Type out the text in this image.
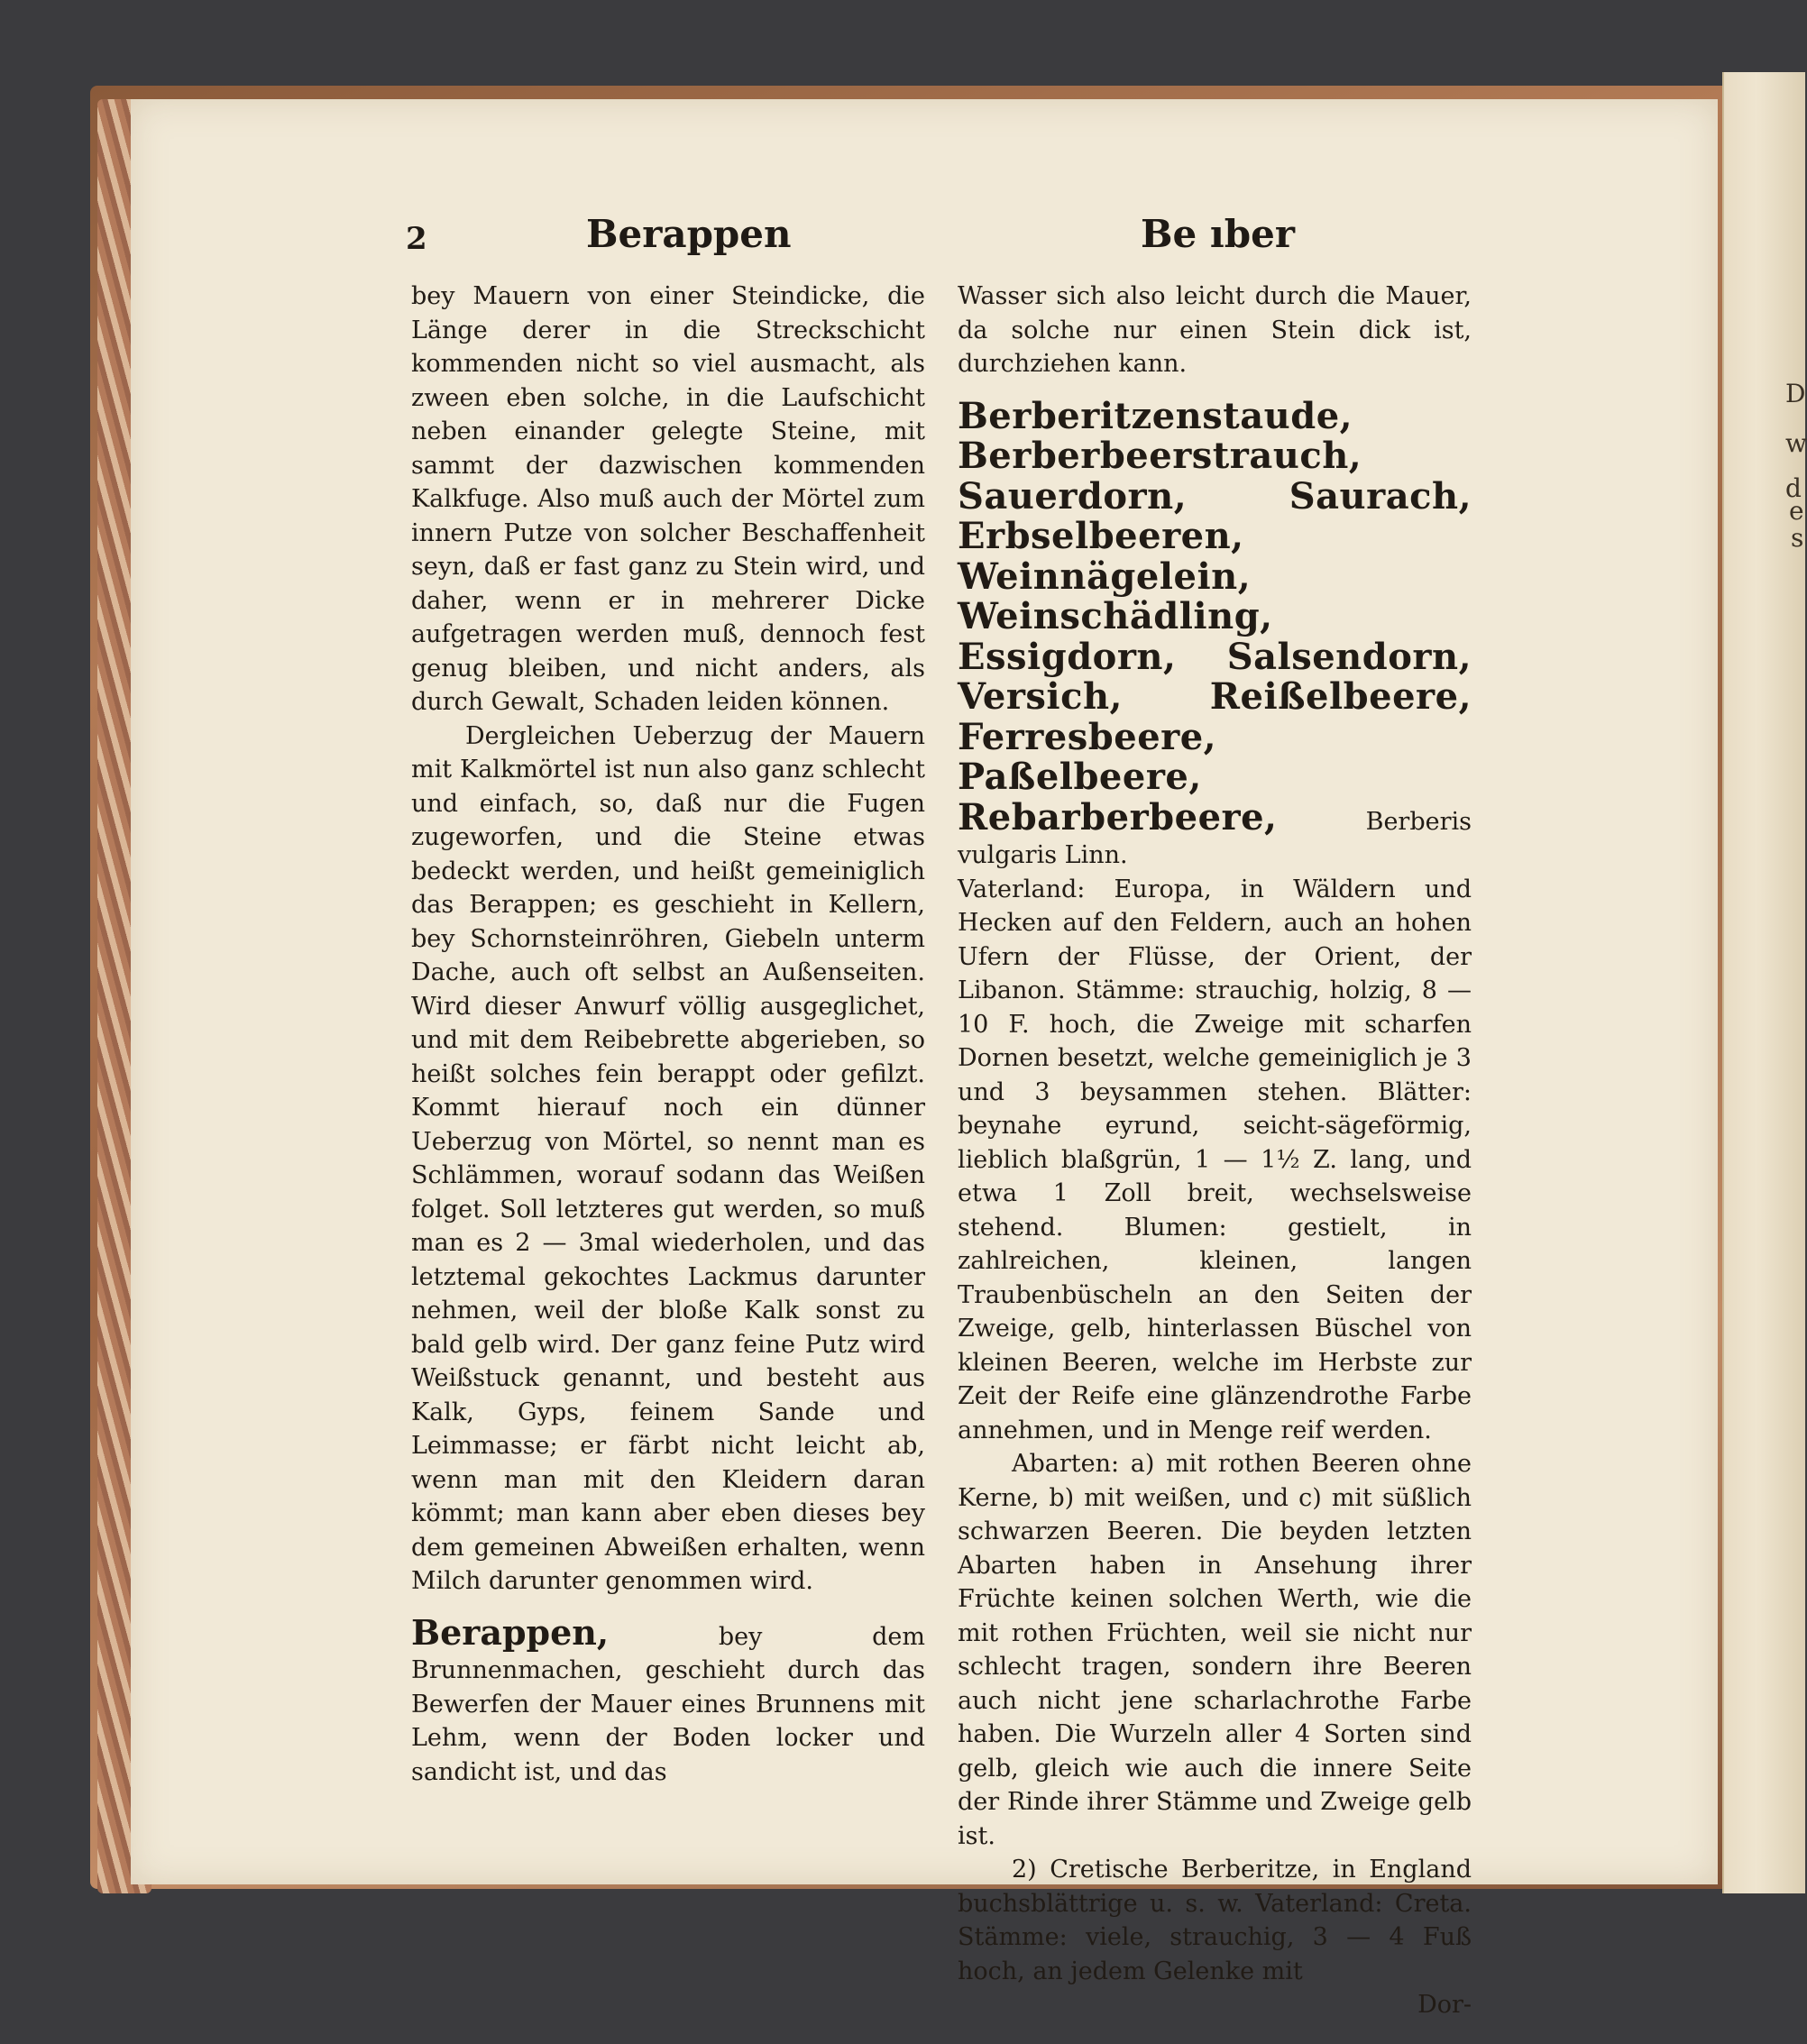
D
w
d
e
s
2	Berappen	Be ıber

bey Mauern von einer Steindicke, die Länge derer in die Streckschicht kommenden nicht so viel ausmacht, als zween eben solche, in die Laufschicht neben einander gelegte Steine, mit sammt der dazwischen kommenden Kalkfuge. Also muß auch der Mörtel zum innern Putze von solcher Beschaffenheit seyn, daß er fast ganz zu Stein wird, und daher, wenn er in mehrerer Dicke aufgetragen werden muß, dennoch fest genug bleiben, und nicht anders, als durch Gewalt, Schaden leiden können.

Dergleichen Ueberzug der Mauern mit Kalkmörtel ist nun also ganz schlecht und einfach, so, daß nur die Fugen zugeworfen, und die Steine etwas bedeckt werden, und heißt gemeiniglich das Berappen; es geschieht in Kellern, bey Schornsteinröhren, Giebeln unterm Dache, auch oft selbst an Außenseiten. Wird dieser Anwurf völlig ausgeglichet, und mit dem Reibebrette abgerieben, so heißt solches fein berappt oder gefilzt. Kommt hierauf noch ein dünner Ueberzug von Mörtel, so nennt man es Schlämmen, worauf sodann das Weißen folget. Soll letzteres gut werden, so muß man es 2 — 3mal wiederholen, und das letztemal gekochtes Lackmus darunter nehmen, weil der bloße Kalk sonst zu bald gelb wird. Der ganz feine Putz wird Weißstuck genannt, und besteht aus Kalk, Gyps, feinem Sande und Leimmasse; er färbt nicht leicht ab, wenn man mit den Kleidern daran kömmt; man kann aber eben dieses bey dem gemeinen Abweißen erhalten, wenn Milch darunter genommen wird.

Berappen,	bey dem Brunnenmachen, geschieht durch das Bewerfen der Mauer eines Brunnens mit Lehm, wenn der Boden locker und sandicht ist, und das

Wasser sich also leicht durch die Mauer, da solche nur einen Stein dick ist, durchziehen kann.

Berberitzenstaude, Berberbeerstrauch, Sauerdorn, Saurach, Erbselbeeren, Weinnägelein, Weinschädling, Essigdorn, Salsendorn, Versich, Reißelbeere, Ferresbeere, Paßelbeere, Rebarberbeere,	Berberis vulgaris Linn.

Vaterland: Europa, in Wäldern und Hecken auf den Feldern, auch an hohen Ufern der Flüsse, der Orient, der Libanon. Stämme: strauchig, holzig, 8 — 10 F. hoch, die Zweige mit scharfen Dornen besetzt, welche gemeiniglich je 3 und 3 beysammen stehen. Blätter: beynahe eyrund, seicht-sägeförmig, lieblich blaßgrün, 1 — 1½ Z. lang, und etwa 1 Zoll breit, wechselsweise stehend. Blumen: gestielt, in zahlreichen, kleinen, langen Traubenbüscheln an den Seiten der Zweige, gelb, hinterlassen Büschel von kleinen Beeren, welche im Herbste zur Zeit der Reife eine glänzendrothe Farbe annehmen, und in Menge reif werden.

Abarten: a) mit rothen Beeren ohne Kerne, b) mit weißen, und c) mit süßlich schwarzen Beeren. Die beyden letzten Abarten haben in Ansehung ihrer Früchte keinen solchen Werth, wie die mit rothen Früchten, weil sie nicht nur schlecht tragen, sondern ihre Beeren auch nicht jene scharlachrothe Farbe haben. Die Wurzeln aller 4 Sorten sind gelb, gleich wie auch die innere Seite der Rinde ihrer Stämme und Zweige gelb ist.

2) Cretische Berberitze, in England buchsblättrige u. s. w. Vaterland: Creta. Stämme: viele, strauchig, 3 — 4 Fuß hoch, an jedem Gelenke mit

Dor-
